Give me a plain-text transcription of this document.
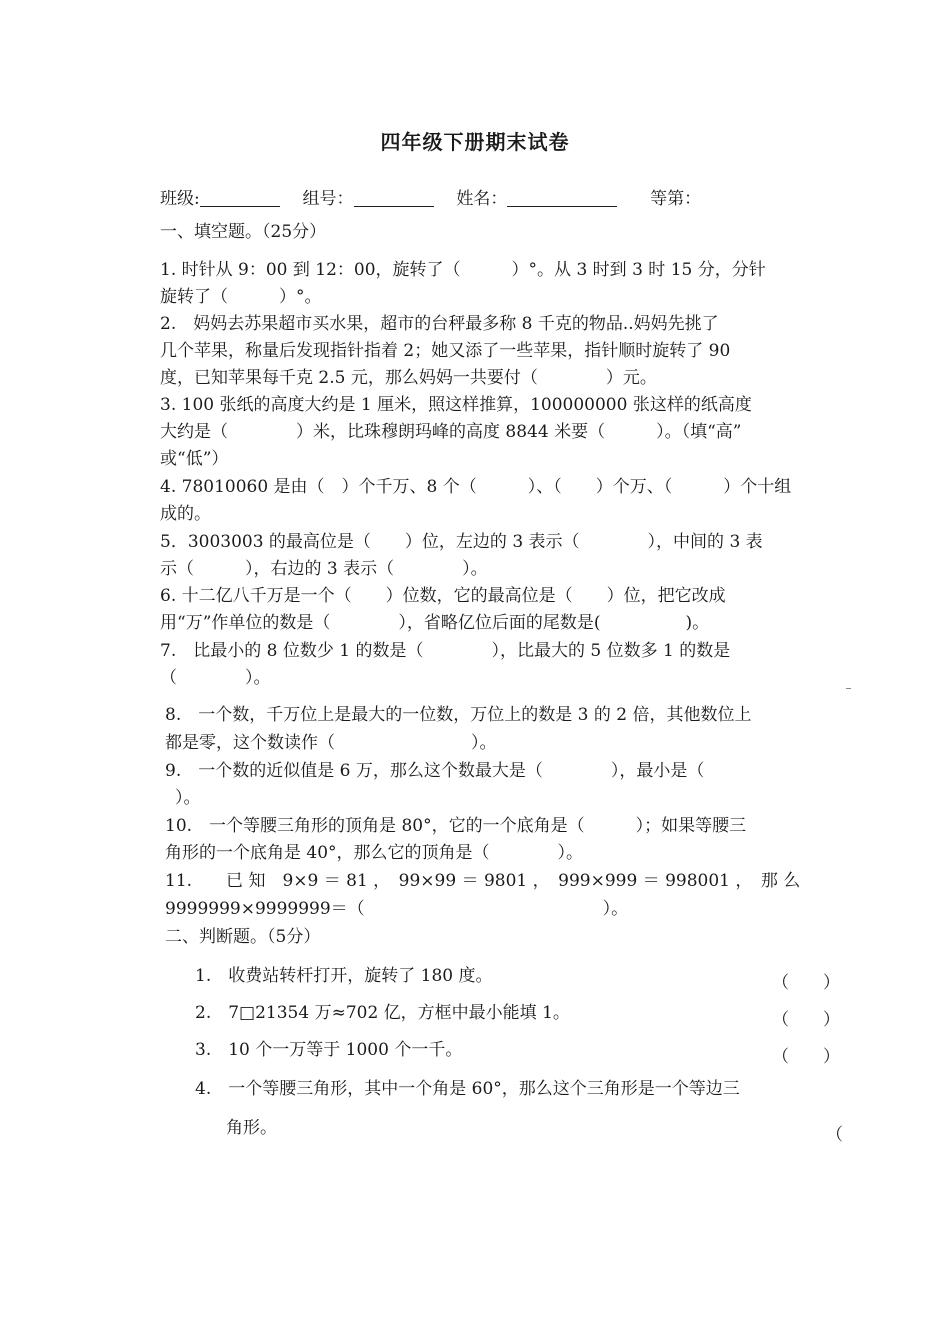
四年级下册期末试卷
班级:	组号：	姓名：	等第：
一、填空题。（25分）
1. 时针从 9：00 到 12：00，旋转了（　　　）°。从 3 时到 3 时 15 分，分针
旋转了（　　　）°。
2.　妈妈去苏果超市买水果，超市的台秤最多称 8 千克的物品..妈妈先挑了
几个苹果，称量后发现指针指着 2；她又添了一些苹果，指针顺时旋转了 90
度，已知苹果每千克 2.5 元，那么妈妈一共要付（　　　　）元。
3. 100 张纸的高度大约是 1 厘米，照这样推算，100000000 张这样的纸高度
大约是（　　　　）米，比珠穆朗玛峰的高度 8844 米要（　　　）。（填“高”
或“低”）
4. 78010060 是由（　）个千万、8 个（　　　）、（　　）个万、（　　　）个十组
成的。
5．3003003 的最高位是（　　）位，左边的 3 表示（　　　　），中间的 3 表
示（　　　），右边的 3 表示（　　　　）。
6. 十二亿八千万是一个（　　）位数，它的最高位是（　　）位，把它改成
用“万”作单位的数是（　　　　），省略亿位后面的尾数是(　　　　　)。
7.　比最小的 8 位数少 1 的数是（　　　　），比最大的 5 位数多 1 的数是
（　　　　）。
8.　一个数，千万位上是最大的一位数，万位上的数是 3 的 2 倍，其他数位上
都是零，这个数读作（　　　　　　　　）。
9.　一个数的近似值是 6 万，那么这个数最大是（　　　　），最小是（
）。
10.　一个等腰三角形的顶角是 80°，它的一个底角是（　　　）；如果等腰三
角形的一个底角是 40°，那么它的顶角是（　　　　）。
11.　　已 知　9×9 ＝ 81 ，　99×99 ＝ 9801 ，　999×999 ＝ 998001 ，　那 么
9999999×9999999＝（　　　　　　　　　　　　　　）。
二、判断题。（5分）
1.　收费站转杆打开，旋转了 180 度。	（　　）
2.　7□21354 万≈702 亿，方框中最小能填 1。	（　　）
3.　10 个一万等于 1000 个一千。	（　　）
4.　一个等腰三角形，其中一个角是 60°，那么这个三角形是一个等边三
角形。	（
